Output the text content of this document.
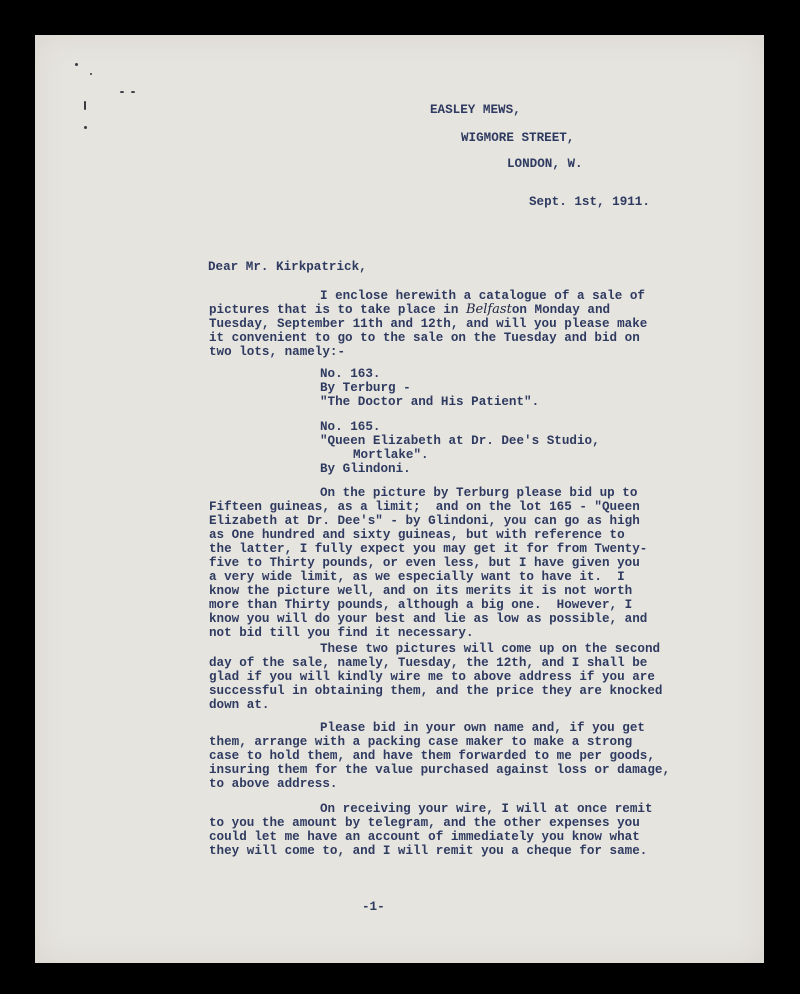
EASLEY MEWS,
WIGMORE STREET,
LONDON, W.
Sept. 1st, 1911.
Dear Mr. Kirkpatrick,
I enclose herewith a catalogue of a sale of
pictures that is to take place in Belfaston Monday and
Tuesday, September 11th and 12th, and will you please make
it convenient to go to the sale on the Tuesday and bid on
two lots, namely:-
No. 163.
By Terburg -
"The Doctor and His Patient".
No. 165.
"Queen Elizabeth at Dr. Dee's Studio,
Mortlake".
By Glindoni.
On the picture by Terburg please bid up to
Fifteen guineas, as a limit;  and on the lot 165 - "Queen
Elizabeth at Dr. Dee's" - by Glindoni, you can go as high
as One hundred and sixty guineas, but with reference to
the latter, I fully expect you may get it for from Twenty-
five to Thirty pounds, or even less, but I have given you
a very wide limit, as we especially want to have it.  I
know the picture well, and on its merits it is not worth
more than Thirty pounds, although a big one.  However, I
know you will do your best and lie as low as possible, and
not bid till you find it necessary.
These two pictures will come up on the second
day of the sale, namely, Tuesday, the 12th, and I shall be
glad if you will kindly wire me to above address if you are
successful in obtaining them, and the price they are knocked
down at.
Please bid in your own name and, if you get
them, arrange with a packing case maker to make a strong
case to hold them, and have them forwarded to me per goods,
insuring them for the value purchased against loss or damage,
to above address.
On receiving your wire, I will at once remit
to you the amount by telegram, and the other expenses you
could let me have an account of immediately you know what
they will come to, and I will remit you a cheque for same.
-1-
